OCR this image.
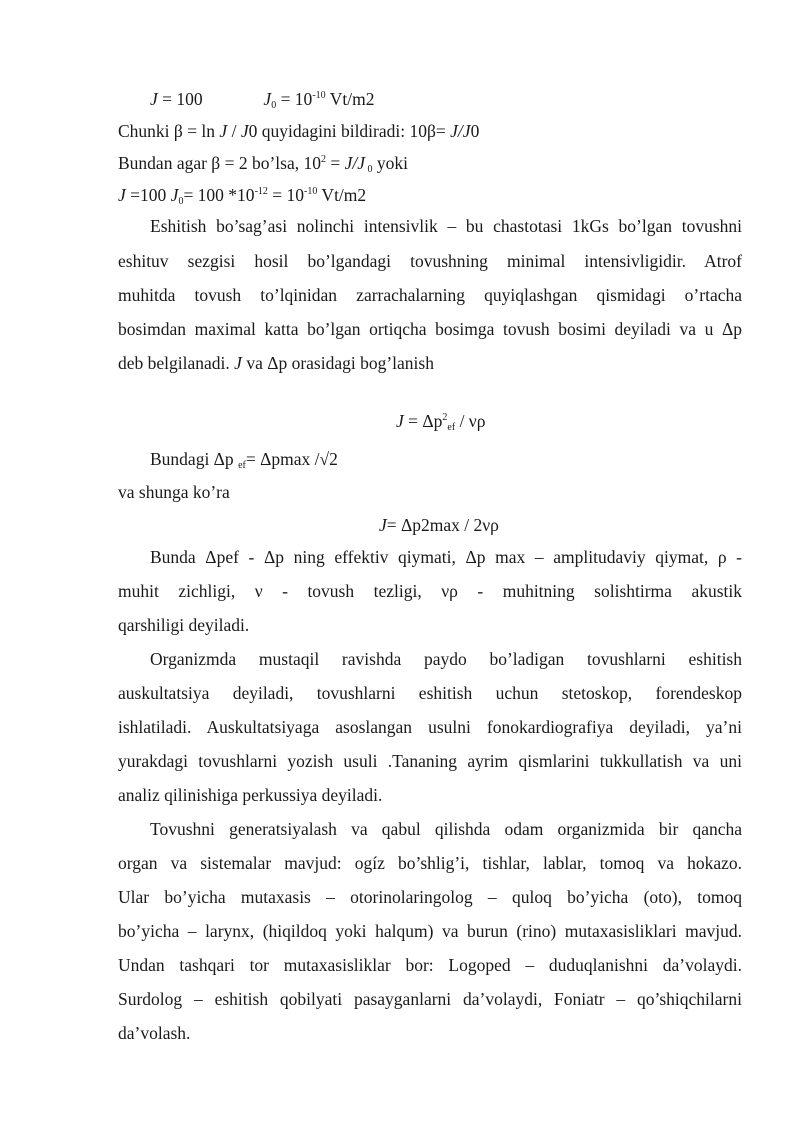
J = 100	$J_0 = 10^{-10}$ Vt/m2
Chunki β = ln J / J0 quyidagini bildiradi: 10β= J/J0
Bundan agar β = 2 bo’lsa, $10^2 = J/J$ $_0$ yoki
J =100 $J_0= 100$ $*10^{-12} = 10^{-10}$ Vt/m2
Eshitish bo’sag’asi nolinchi intensivlik – bu chastotasi 1kGs bo’lgan tovushni
eshituv sezgisi hosil bo’lgandagi tovushning minimal intensivligidir. Atrof
muhitda tovush to’lqinidan zarrachalarning quyiqlashgan qismidagi o’rtacha
bosimdan maximal katta bo’lgan ortiqcha bosimga tovush bosimi deyiladi va u Δp
deb belgilanadi. J va Δp orasidagi bog’lanish
$J = \Delta p^2_{ef} / \nu\rho$
Bundagi Δp $_{ef}$= Δpmax /√2
va shunga ko’ra
J= Δp2max / 2νρ
Bunda Δpef - Δp ning effektiv qiymati, Δp max – amplitudaviy qiymat, ρ -
muhit zichligi, ν - tovush tezligi, νρ - muhitning solishtirma akustik
qarshiligi deyiladi.
Organizmda mustaqil ravishda paydo bo’ladigan tovushlarni eshitish
auskultatsiya deyiladi, tovushlarni eshitish uchun stetoskop, forendeskop
ishlatiladi. Auskultatsiyaga asoslangan usulni fonokardiografiya deyiladi, ya’ni
yurakdagi tovushlarni yozish usuli .Tananing ayrim qismlarini tukkullatish va uni
analiz qilinishiga perkussiya deyiladi.
Tovushni generatsiyalash va qabul qilishda odam organizmida bir qancha
organ va sistemalar mavjud: ogíz bo’shlig’i, tishlar, lablar, tomoq va hokazo.
Ular bo’yicha mutaxasis – otorinolaringolog – quloq bo’yicha (oto), tomoq
bo’yicha – larynx, (hiqildoq yoki halqum) va burun (rino) mutaxasisliklari mavjud.
Undan tashqari tor mutaxasisliklar bor: Logoped – duduqlanishni da’volaydi.
Surdolog – eshitish qobilyati pasayganlarni da’volaydi, Foniatr – qo’shiqchilarni
da’volash.
